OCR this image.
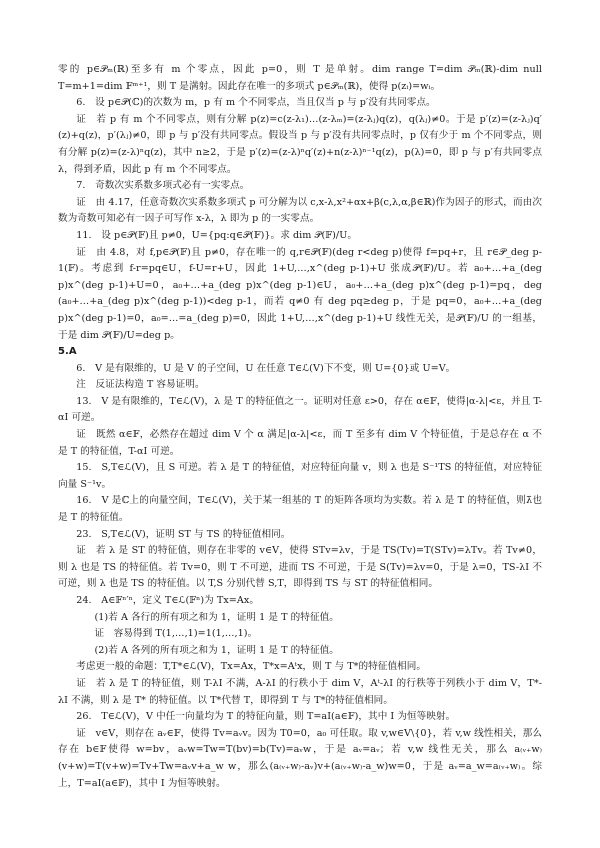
零的 p∈𝒫ₘ(ℝ)至多有 m 个零点，因此 p=0，则 T 是单射。dim range T=dim 𝒫ₘ(ℝ)-dim null T=m+1=dim 𝔽ᵐ⁺¹，则 T 是满射。因此存在唯一的多项式 p∈𝒫ₘ(ℝ)，使得 p(zᵢ)=wᵢ。

6.　设 p∈𝒫(ℂ)的次数为 m，p 有 m 个不同零点，当且仅当 p 与 p′没有共同零点。

证　若 p 有 m 个不同零点，则有分解 p(z)=c(z-λ₁)…(z-λₘ)=(z-λⱼ)q(z)，q(λⱼ)≠0。于是 p′(z)=(z-λⱼ)q′(z)+q(z)，p′(λⱼ)≠0，即 p 与 p′没有共同零点。假设当 p 与 p′没有共同零点时，p 仅有少于 m 个不同零点，则有分解 p(z)=(z-λ)ⁿq(z)，其中 n≥2，于是 p′(z)=(z-λ)ⁿq′(z)+n(z-λ)ⁿ⁻¹q(z)，p(λ)=0，即 p 与 p′有共同零点 λ，得到矛盾，因此 p 有 m 个不同零点。

7.　奇数次实系数多项式必有一实零点。

证　由 4.17，任意奇数次实系数多项式 p 可分解为以 c,x-λ,x²+αx+β(c,λ,α,β∈ℝ)作为因子的形式，而由次数为奇数可知必有一因子可写作 x-λ，λ 即为 p 的一实零点。

11.　设 p∈𝒫(𝔽)且 p≠0，U={pq:q∈𝒫(𝔽)}。求 dim 𝒫(𝔽)/U。

证　由 4.8，对 f,p∈𝒫(𝔽)且 p≠0，存在唯一的 q,r∈𝒫(𝔽)(deg r<deg p)使得 f=pq+r，且 r∈𝒫_deg p-1(𝔽)。考虑到 f-r=pq∈U，f-U=r+U，因此 1+U,…,x^(deg p-1)+U 张成𝒫(𝔽)/U。若 a₀+…+a_(deg p)x^(deg p-1)+U=0，a₀+…+a_(deg p)x^(deg p-1)∈U，a₀+…+a_(deg p)x^(deg p-1)=pq，deg (a₀+…+a_(deg p)x^(deg p-1))<deg p-1，而若 q≠0 有 deg pq≥deg p，于是 pq=0，a₀+…+a_(deg p)x^(deg p-1)=0，a₀=…=a_(deg p)=0，因此 1+U,…,x^(deg p-1)+U 线性无关，是𝒫(𝔽)/U 的一组基，于是 dim 𝒫(𝔽)/U=deg p。

5.A

6.　V 是有限维的，U 是 V 的子空间，U 在任意 T∈ℒ(V)下不变，则 U={0}或 U=V。

注　反证法构造 T 容易证明。

13.　V 是有限维的，T∈ℒ(V)，λ 是 T 的特征值之一。证明对任意 ε>0，存在 α∈𝔽，使得|α-λ|<ε，并且 T-αI 可逆。

证　既然 α∈𝔽，必然存在超过 dim V 个 α 满足|α-λ|<ε，而 T 至多有 dim V 个特征值，于是总存在 α 不是 T 的特征值，T-αI 可逆。

15.　S,T∈ℒ(V)，且 S 可逆。若 λ 是 T 的特征值，对应特征向量 v，则 λ 也是 S⁻¹TS 的特征值，对应特征向量 S⁻¹v。

16.　V 是ℂ上的向量空间，T∈ℒ(V)，关于某一组基的 T 的矩阵各项均为实数。若 λ 是 T 的特征值，则λ̄也是 T 的特征值。

23.　S,T∈ℒ(V)，证明 ST 与 TS 的特征值相同。

证　若 λ 是 ST 的特征值，则存在非零的 v∈V，使得 STv=λv，于是 TS(Tv)=T(STv)=λTv。若 Tv≠0，则 λ 也是 TS 的特征值。若 Tv=0，则 T 不可逆，进而 TS 不可逆，于是 S(Tv)=λv=0，于是 λ=0，TS-λI 不可逆，则 λ 也是 TS 的特征值。以 T,S 分别代替 S,T，即得到 TS 与 ST 的特征值相同。

24.　A∈𝔽ⁿ′ⁿ，定义 T∈ℒ(𝔽ⁿ)为 Tx=Ax。

(1)若 A 各行的所有项之和为 1，证明 1 是 T 的特征值。

证　容易得到 T(1,…,1)=1(1,…,1)。

(2)若 A 各列的所有项之和为 1，证明 1 是 T 的特征值。

考虑更一般的命题：T,T*∈ℒ(V)，Tx=Ax，T*x=Aᵗx，则 T 与 T*的特征值相同。

证　若 λ 是 T 的特征值，则 T-λI 不满，A-λI 的行秩小于 dim V，Aᵗ-λI 的行秩等于列秩小于 dim V，T*-λI 不满，则 λ 是 T* 的特征值。以 T*代替 T，即得到 T 与 T*的特征值相同。

26.　T∈ℒ(V)，V 中任一向量均为 T 的特征向量，则 T=aI(a∈𝔽)，其中 I 为恒等映射。

证　v∈V，则存在 aᵥ∈𝔽，使得 Tv=aᵥv。因为 T0=0，a₀ 可任取。取 v,w∈V\{0}，若 v,w 线性相关，那么存在 b∈𝔽使得 w=bv，aᵥw=Tw=T(bv)=b(Tv)=aᵥw，于是 aᵥ=aᵥ；若 v,w 线性无关，那么 a₍ᵥ₊w₎(v+w)=T(v+w)=Tv+Tw=aᵥv+a_w w，那么(a₍ᵥ₊w₎-aᵥ)v+(a₍ᵥ₊w₎-a_w)w=0，于是 aᵥ=a_w=a₍ᵥ₊w₎。综上，T=aI(a∈𝔽)，其中 I 为恒等映射。
